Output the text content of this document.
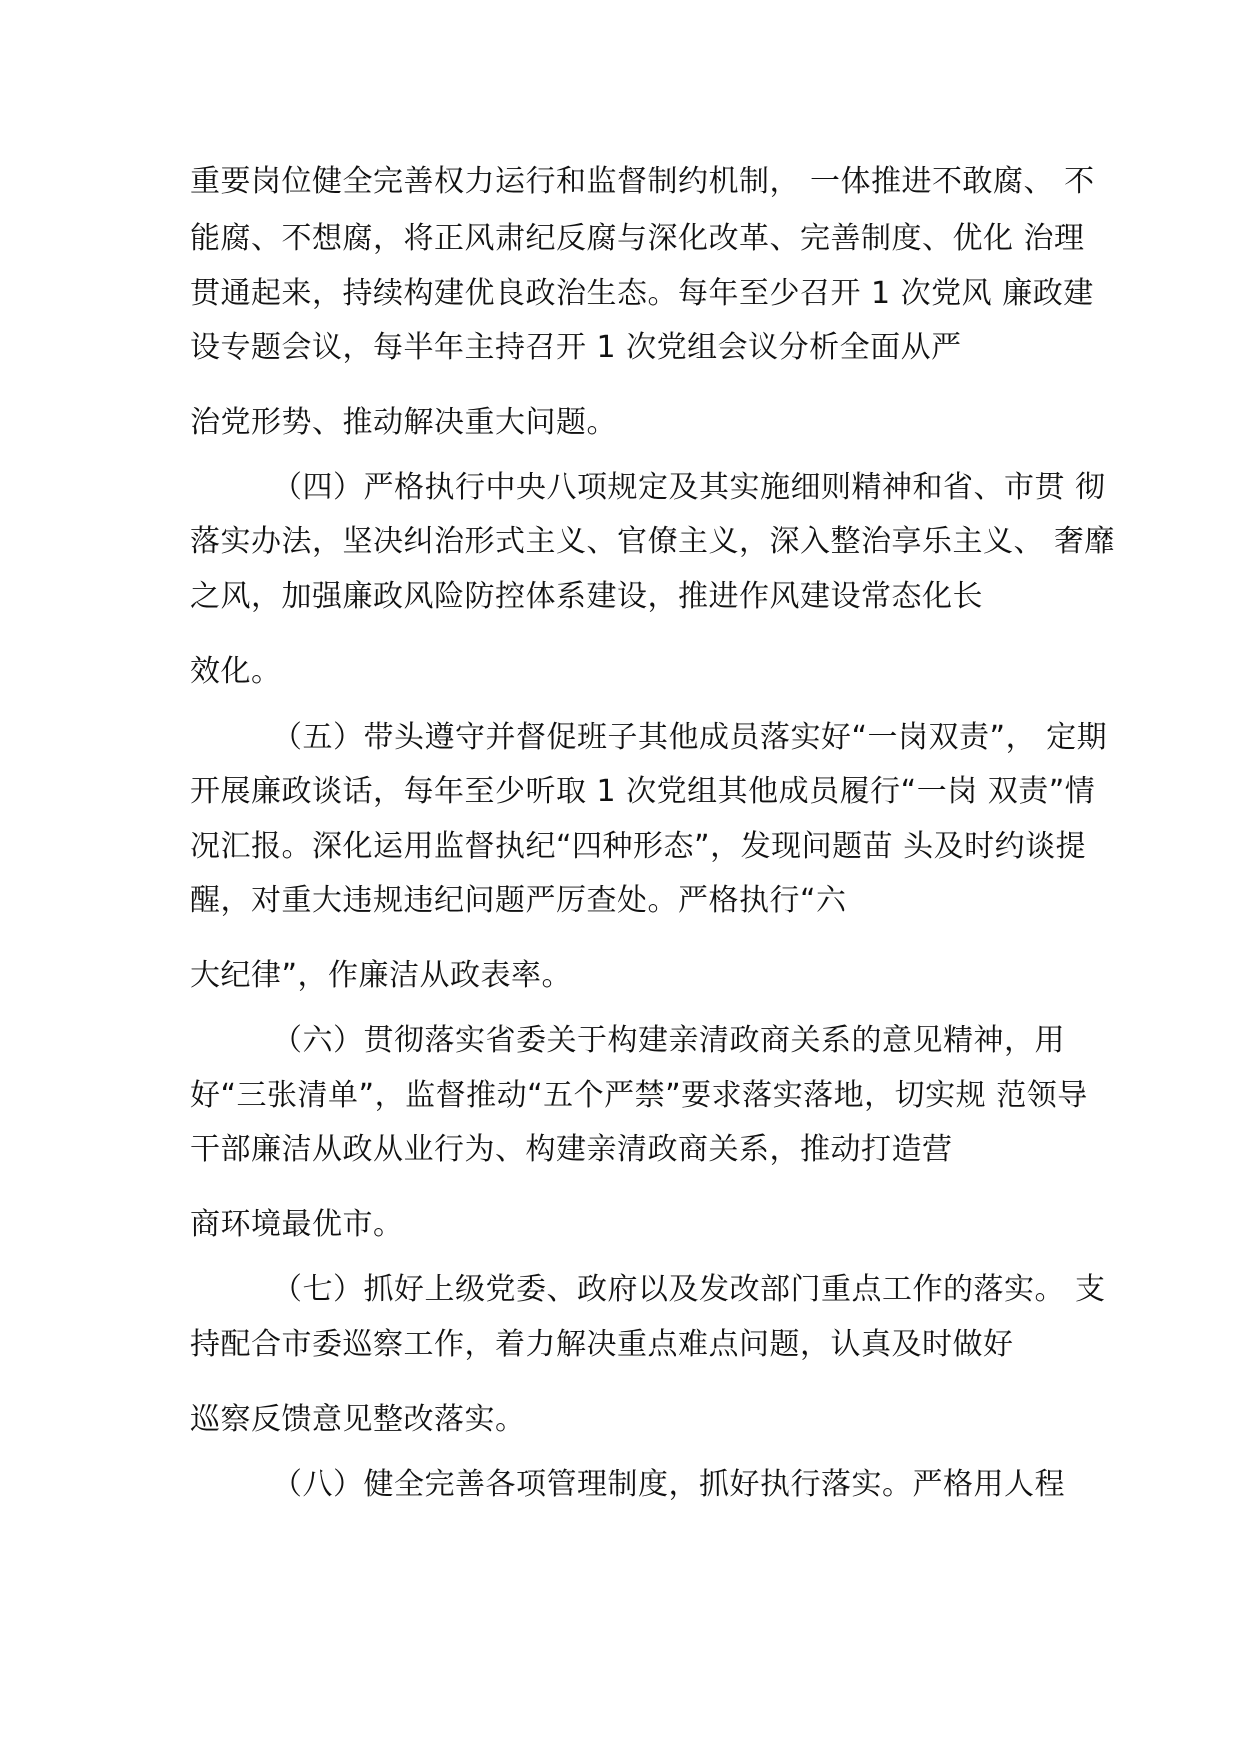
重要岗位健全完善权力运行和监督制约机制， 一体推进不敢腐、 不
能腐、不想腐，将正风肃纪反腐与深化改革、完善制度、优化 治理
贯通起来，持续构建优良政治生态。每年至少召开 1 次党风 廉政建
设专题会议，每半年主持召开 1 次党组会议分析全面从严
治党形势、推动解决重大问题。
（四）严格执行中央八项规定及其实施细则精神和省、市贯 彻
落实办法，坚决纠治形式主义、官僚主义，深入整治享乐主义、 奢靡
之风，加强廉政风险防控体系建设，推进作风建设常态化长
效化。
（五）带头遵守并督促班子其他成员落实好“一岗双责”， 定期
开展廉政谈话，每年至少听取 1 次党组其他成员履行“一岗 双责”情
况汇报。深化运用监督执纪“四种形态”，发现问题苗 头及时约谈提
醒，对重大违规违纪问题严厉查处。严格执行“六
大纪律”，作廉洁从政表率。
（六）贯彻落实省委关于构建亲清政商关系的意见精神，用
好“三张清单”，监督推动“五个严禁”要求落实落地，切实规 范领导
干部廉洁从政从业行为、构建亲清政商关系，推动打造营
商环境最优市。
（七）抓好上级党委、政府以及发改部门重点工作的落实。 支
持配合市委巡察工作，着力解决重点难点问题，认真及时做好
巡察反馈意见整改落实。
（八）健全完善各项管理制度，抓好执行落实。严格用人程
